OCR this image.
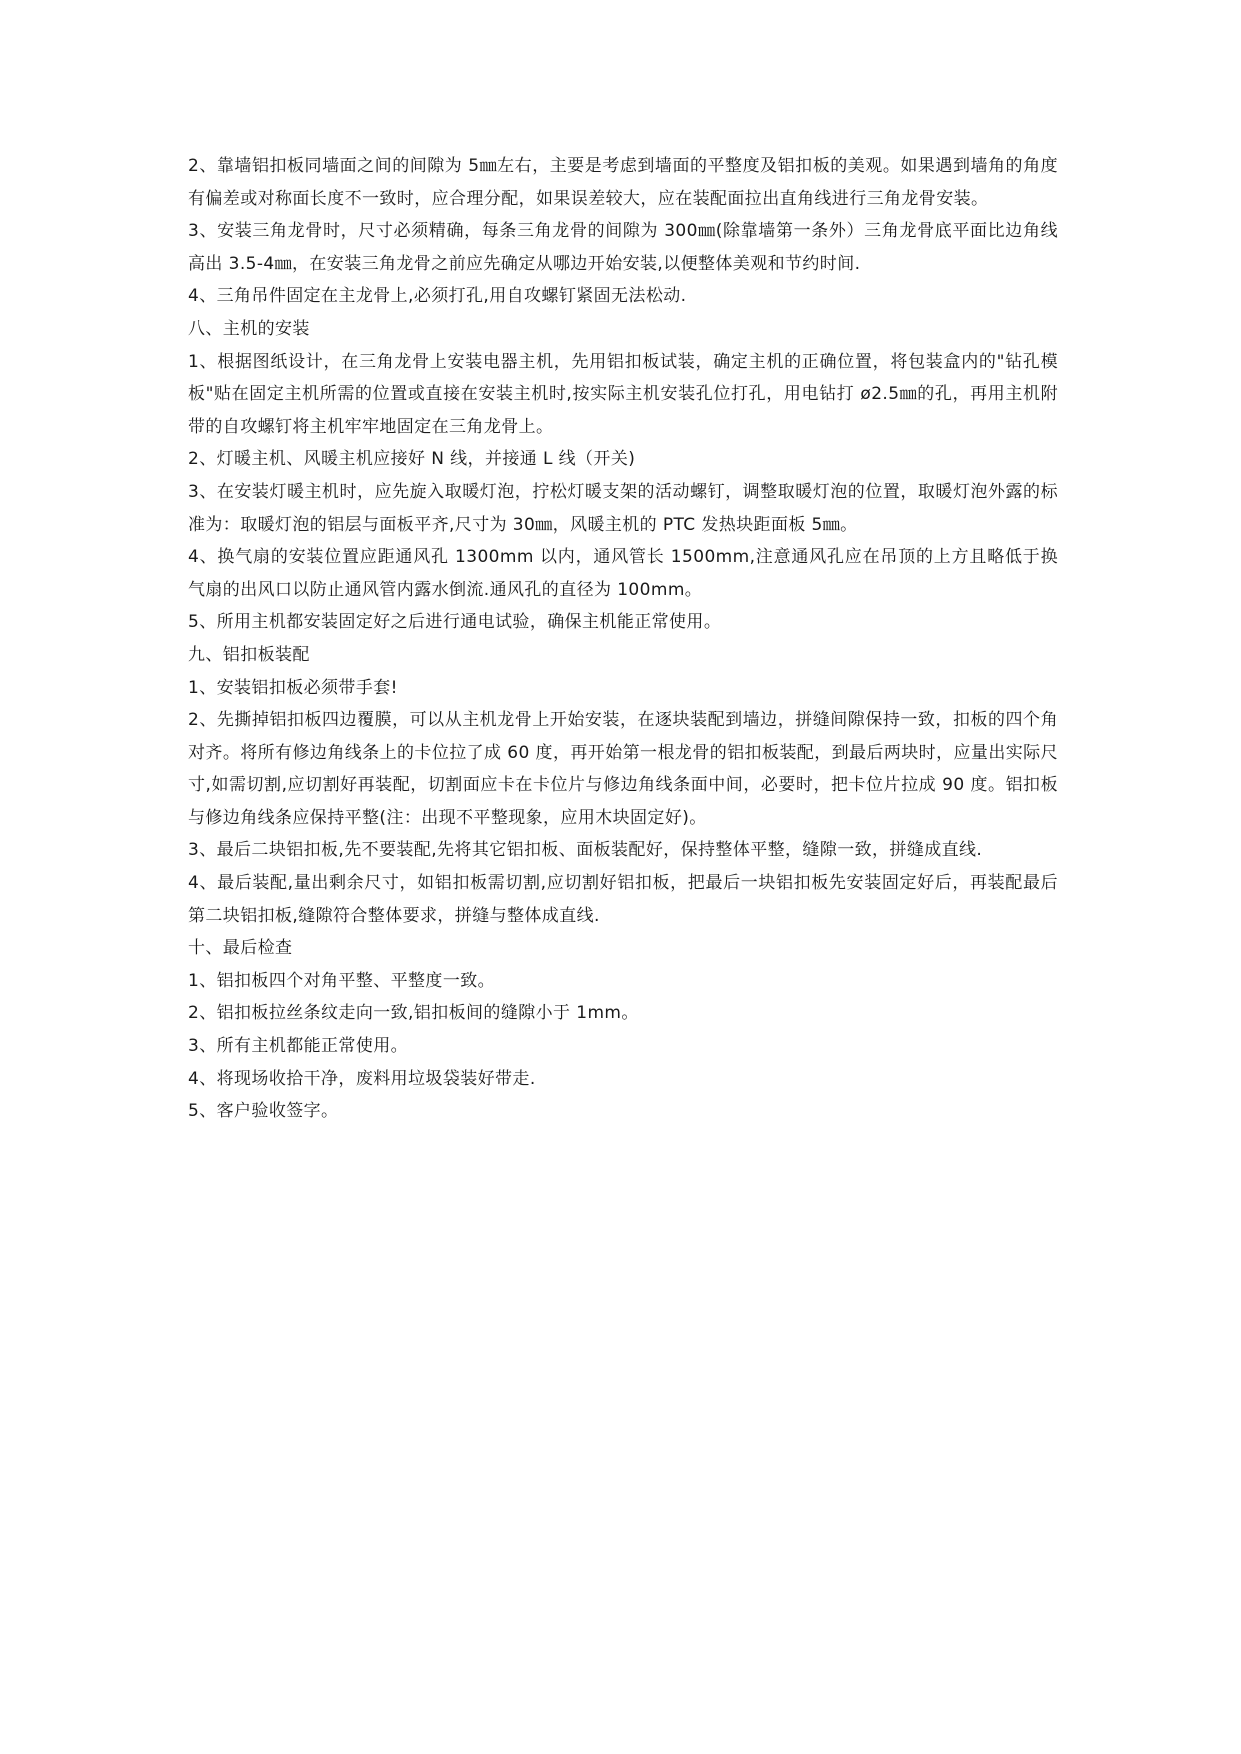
2、靠墙铝扣板同墙面之间的间隙为 5㎜左右，主要是考虑到墙面的平整度及铝扣板的美观。如果遇到墙角的角度有偏差或对称面长度不一致时，应合理分配，如果误差较大，应在装配面拉出直角线进行三角龙骨安装。

3、安装三角龙骨时，尺寸必须精确，每条三角龙骨的间隙为 300㎜(除靠墙第一条外）三角龙骨底平面比边角线高出 3.5-4㎜，在安装三角龙骨之前应先确定从哪边开始安装,以便整体美观和节约时间.

4、三角吊件固定在主龙骨上,必须打孔,用自攻螺钉紧固无法松动.

八、主机的安装

1、根据图纸设计，在三角龙骨上安装电器主机，先用铝扣板试装，确定主机的正确位置，将包装盒内的"钻孔模板"贴在固定主机所需的位置或直接在安装主机时,按实际主机安装孔位打孔，用电钻打 ø2.5㎜的孔，再用主机附带的自攻螺钉将主机牢牢地固定在三角龙骨上。

2、灯暖主机、风暖主机应接好 N 线，并接通 L 线（开关)

3、在安装灯暖主机时，应先旋入取暖灯泡，拧松灯暖支架的活动螺钉，调整取暖灯泡的位置，取暖灯泡外露的标准为：取暖灯泡的铝层与面板平齐,尺寸为 30㎜，风暖主机的 PTC 发热块距面板 5㎜。

4、换气扇的安装位置应距通风孔 1300mm 以内，通风管长 1500mm,注意通风孔应在吊顶的上方且略低于换气扇的出风口以防止通风管内露水倒流.通风孔的直径为 100mm。

5、所用主机都安装固定好之后进行通电试验，确保主机能正常使用。

九、铝扣板装配

1、安装铝扣板必须带手套!

2、先撕掉铝扣板四边覆膜，可以从主机龙骨上开始安装，在逐块装配到墙边，拼缝间隙保持一致，扣板的四个角对齐。将所有修边角线条上的卡位拉了成 60 度，再开始第一根龙骨的铝扣板装配，到最后两块时，应量出实际尺寸,如需切割,应切割好再装配，切割面应卡在卡位片与修边角线条面中间，必要时，把卡位片拉成 90 度。铝扣板与修边角线条应保持平整(注：出现不平整现象，应用木块固定好)。

3、最后二块铝扣板,先不要装配,先将其它铝扣板、面板装配好，保持整体平整，缝隙一致，拼缝成直线.

4、最后装配,量出剩余尺寸，如铝扣板需切割,应切割好铝扣板，把最后一块铝扣板先安装固定好后，再装配最后第二块铝扣板,缝隙符合整体要求，拼缝与整体成直线.

十、最后检查

1、铝扣板四个对角平整、平整度一致。

2、铝扣板拉丝条纹走向一致,铝扣板间的缝隙小于 1mm。

3、所有主机都能正常使用。

4、将现场收拾干净，废料用垃圾袋装好带走.

5、客户验收签字。
